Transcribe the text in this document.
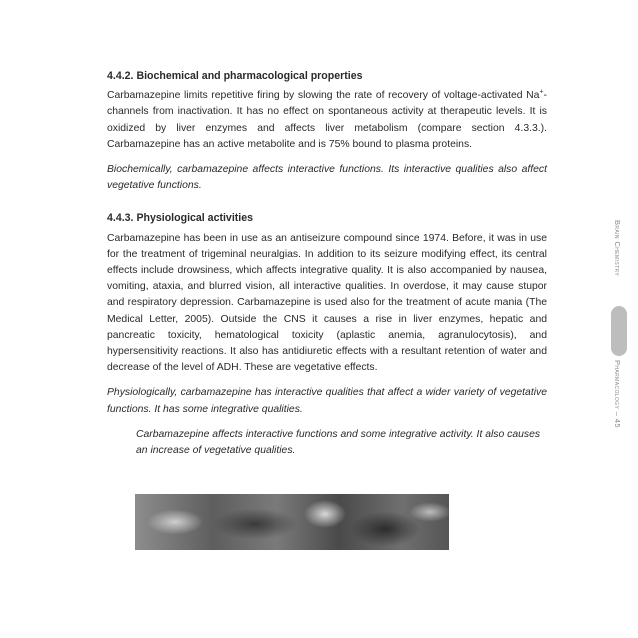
4.4.2. Biochemical and pharmacological properties

Carbamazepine limits repetitive firing by slowing the rate of recovery of voltage-activated Na+-channels from inactivation. It has no effect on spontaneous activity at therapeutic levels. It is oxidized by liver enzymes and affects liver metabolism (compare section 4.3.3.). Carbamazepine has an active metabolite and is 75% bound to plasma proteins.

Biochemically, carbamazepine affects interactive functions. Its interactive qualities also affect vegetative functions.

4.4.3. Physiological activities

Carbamazepine has been in use as an antiseizure compound since 1974. Before, it was in use for the treatment of trigeminal neuralgias. In addition to its seizure modifying effect, its central effects include drowsiness, which affects integrative quality. It is also accompanied by nausea, vomiting, ataxia, and blurred vision, all interactive qualities. In overdose, it may cause stupor and respiratory depression. Carbamazepine is used also for the treatment of acute mania (The Medical Letter, 2005). Outside the CNS it causes a rise in liver enzymes, hepatic and pancreatic toxicity, hematological toxicity (aplastic anemia, agranulocytosis), and hypersensitivity reactions. It also has antidiuretic effects with a resultant retention of water and decrease of the level of ADH. These are vegetative effects.

Physiologically, carbamazepine has interactive qualities that affect a wider variety of vegetative functions. It has some integrative qualities.

Carbamazepine affects interactive functions and some integrative activity. It also causes an increase of vegetative qualities.

Brain Chemistry
Pharmacology – 45
